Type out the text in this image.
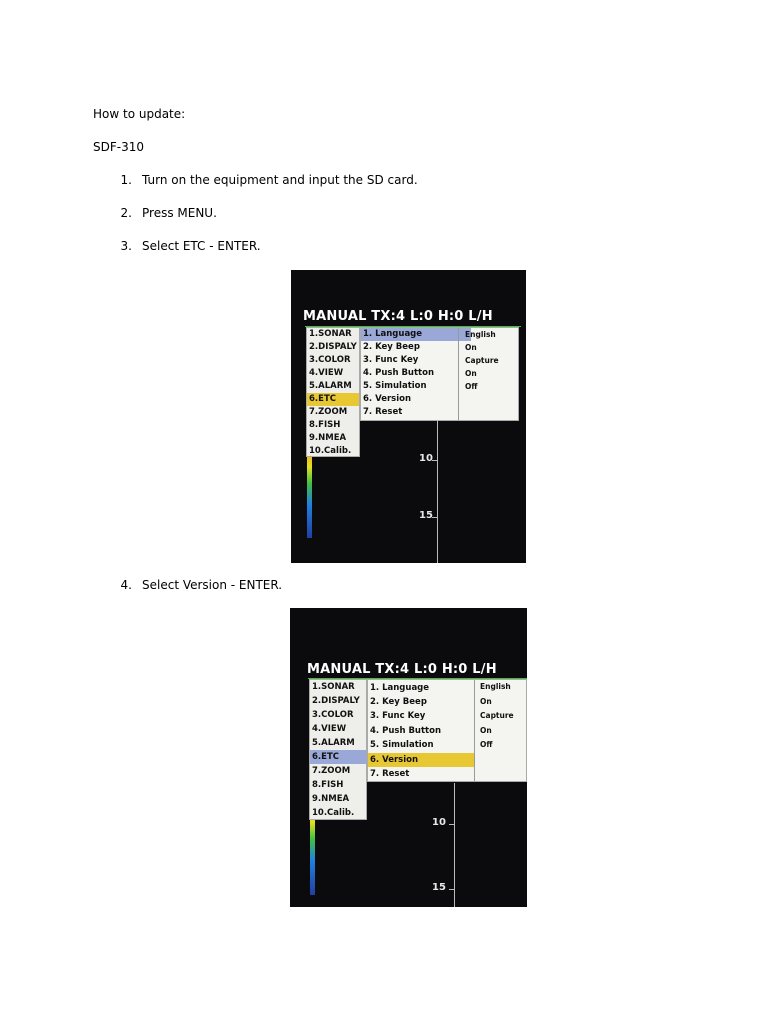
How to update:
SDF-310
1. Turn on the equipment and input the SD card.
2. Press MENU.
3. Select ETC - ENTER.
MANUAL TX:4 L:0 H:0 L/H
1.SONAR
2.DISPALY
3.COLOR
4.VIEW
5.ALARM
6.ETC
7.ZOOM
8.FISH
9.NMEA
10.Calib.
1. Language
2. Key Beep
3. Func Key
4. Push Button
5. Simulation
6. Version
7. Reset
English
On
Capture
On
Off
10
15
4. Select Version - ENTER.
MANUAL TX:4 L:0 H:0 L/H
1.SONAR
2.DISPALY
3.COLOR
4.VIEW
5.ALARM
6.ETC
7.ZOOM
8.FISH
9.NMEA
10.Calib.
1. Language
2. Key Beep
3. Func Key
4. Push Button
5. Simulation
6. Version
7. Reset
English
On
Capture
On
Off
10
15
